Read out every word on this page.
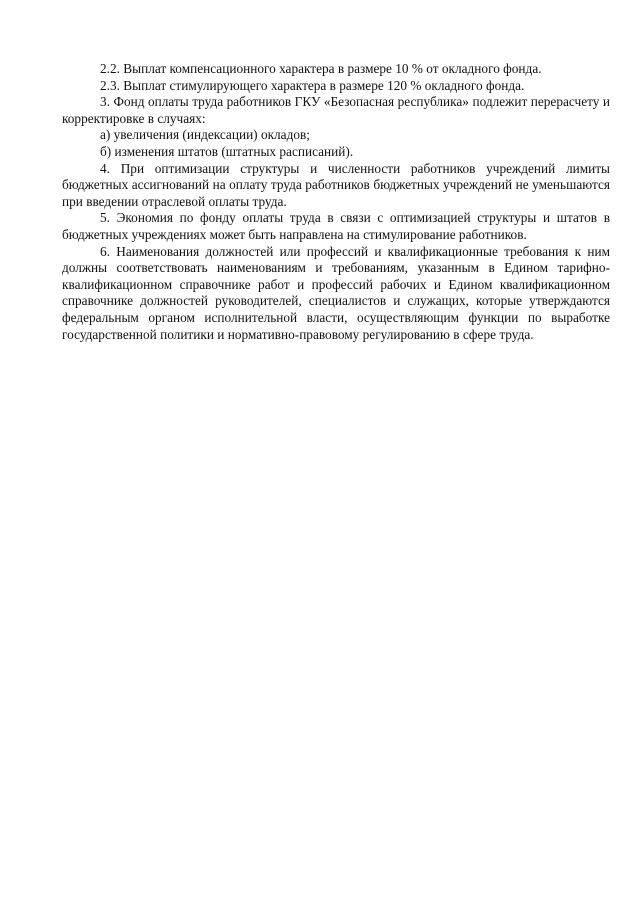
2.2. Выплат компенсационного характера в размере 10 % от окладного фонда.

2.3. Выплат стимулирующего характера в размере 120 % окладного фонда.

3. Фонд оплаты труда работников ГКУ «Безопасная республика» подлежит перерасчету и корректировке в случаях:

а) увеличения (индексации) окладов;

б) изменения штатов (штатных расписаний).

4. При оптимизации структуры и численности работников учреждений лимиты бюджетных ассигнований на оплату труда работников бюджетных учреждений не уменьшаются при введении отраслевой оплаты труда.

5. Экономия по фонду оплаты труда в связи с оптимизацией структуры и штатов в бюджетных учреждениях может быть направлена на стимулирование работников.

6. Наименования должностей или профессий и квалификационные требования к ним должны соответствовать наименованиям и требованиям, указанным в Едином тарифно-квалификационном справочнике работ и профессий рабочих и Едином квалификационном справочнике должностей руководителей, специалистов и служащих, которые утверждаются федеральным органом исполнительной власти, осуществляющим функции по выработке государственной политики и нормативно-правовому регулированию в сфере труда.
